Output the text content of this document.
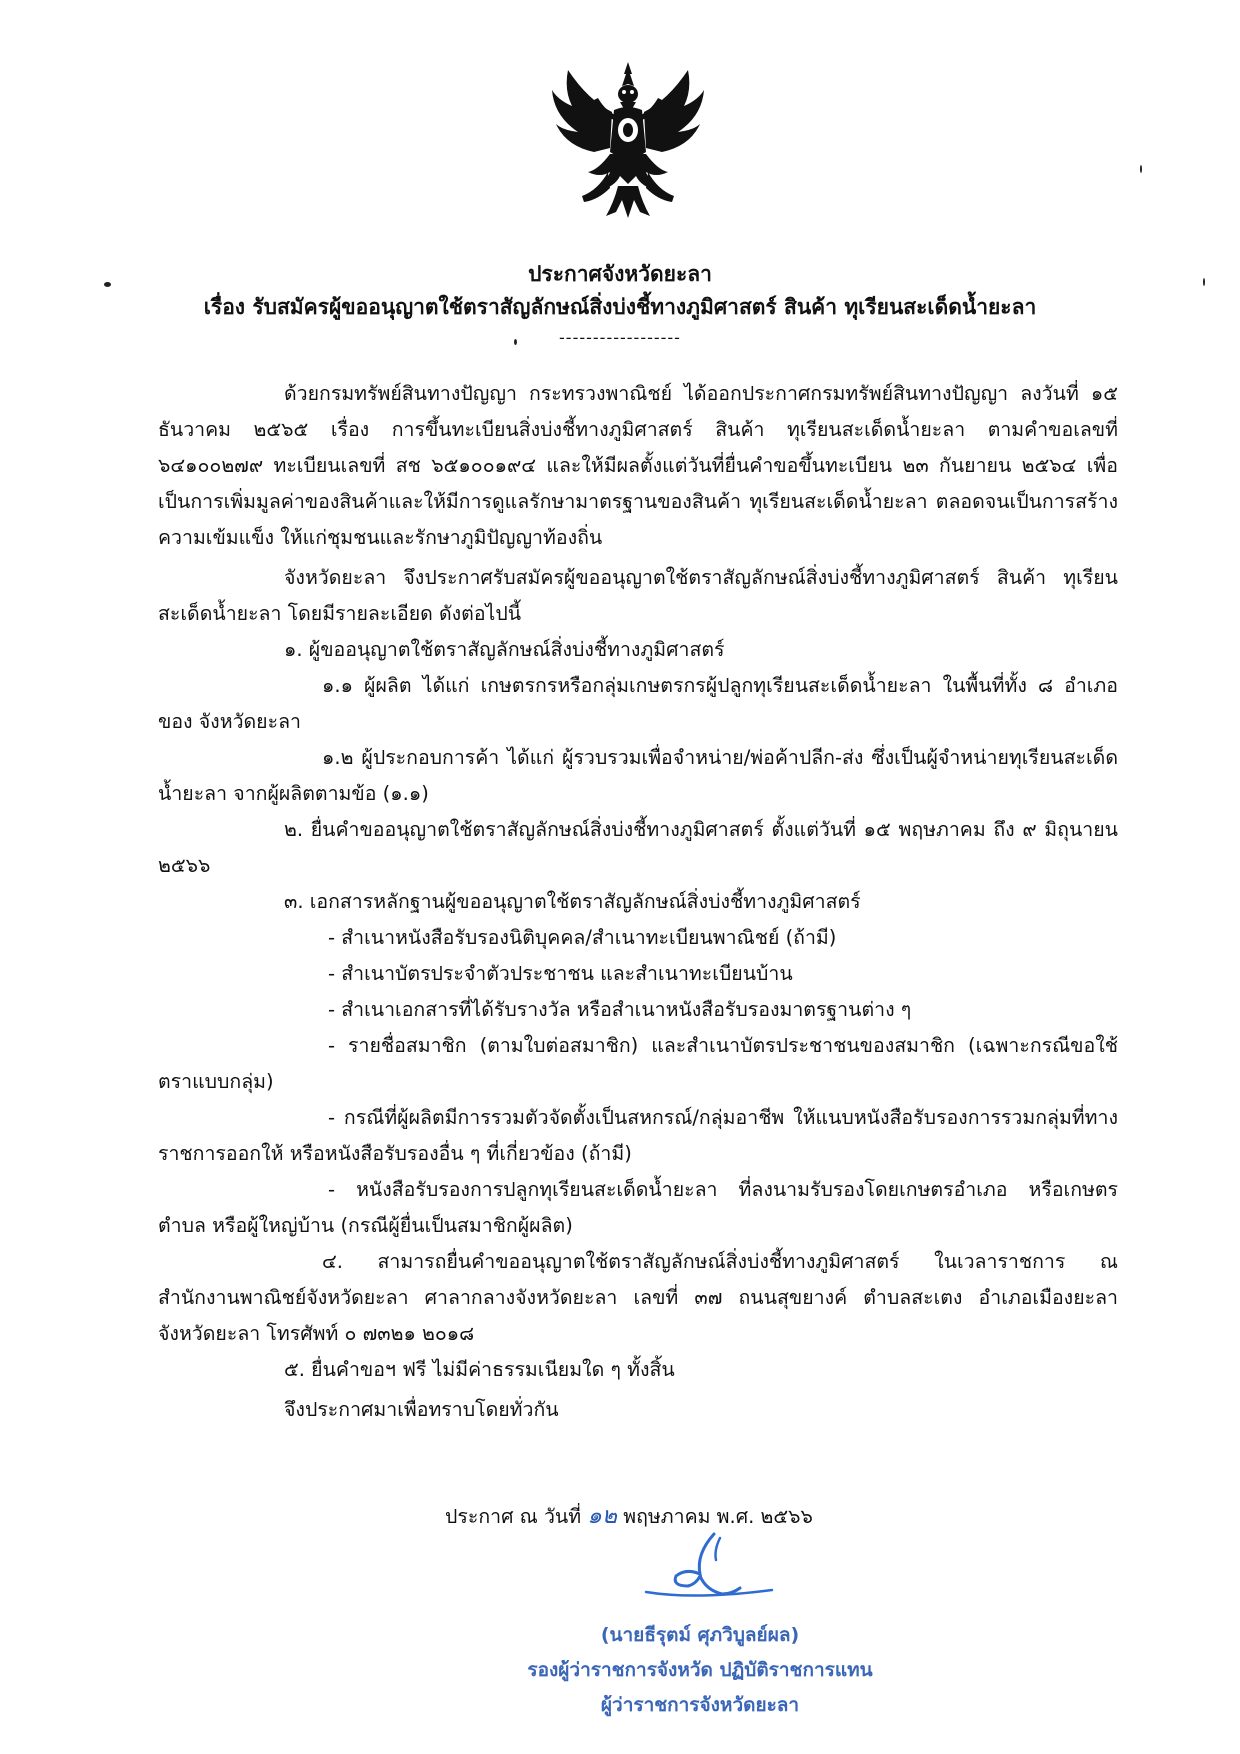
ประกาศจังหวัดยะลา
เรื่อง รับสมัครผู้ขออนุญาตใช้ตราสัญลักษณ์สิ่งบ่งชี้ทางภูมิศาสตร์ สินค้า ทุเรียนสะเด็ดน้ำยะลา
------------------

ด้วยกรมทรัพย์สินทางปัญญา กระทรวงพาณิชย์ ได้ออกประกาศกรมทรัพย์สินทางปัญญา ลงวันที่ ๑๕ ธันวาคม ๒๕๖๕ เรื่อง การขึ้นทะเบียนสิ่งบ่งชี้ทางภูมิศาสตร์ สินค้า ทุเรียนสะเด็ดน้ำยะลา ตามคำขอเลขที่ ๖๔๑๐๐๒๗๙ ทะเบียนเลขที่ สช ๖๕๑๐๐๑๙๔ และให้มีผลตั้งแต่วันที่ยื่นคำขอขึ้นทะเบียน ๒๓ กันยายน ๒๕๖๔ เพื่อเป็นการเพิ่มมูลค่าของสินค้าและให้มีการดูแลรักษามาตรฐานของสินค้า ทุเรียนสะเด็ดน้ำยะลา ตลอดจนเป็นการสร้างความเข้มแข็ง ให้แก่ชุมชนและรักษาภูมิปัญญาท้องถิ่น

จังหวัดยะลา จึงประกาศรับสมัครผู้ขออนุญาตใช้ตราสัญลักษณ์สิ่งบ่งชี้ทางภูมิศาสตร์ สินค้า ทุเรียนสะเด็ดน้ำยะลา โดยมีรายละเอียด ดังต่อไปนี้

๑. ผู้ขออนุญาตใช้ตราสัญลักษณ์สิ่งบ่งชี้ทางภูมิศาสตร์

๑.๑ ผู้ผลิต ได้แก่ เกษตรกรหรือกลุ่มเกษตรกรผู้ปลูกทุเรียนสะเด็ดน้ำยะลา ในพื้นที่ทั้ง ๘ อำเภอของ จังหวัดยะลา

๑.๒ ผู้ประกอบการค้า ได้แก่ ผู้รวบรวมเพื่อจำหน่าย/พ่อค้าปลีก-ส่ง ซึ่งเป็นผู้จำหน่ายทุเรียนสะเด็ดน้ำยะลา จากผู้ผลิตตามข้อ (๑.๑)

๒. ยื่นคำขออนุญาตใช้ตราสัญลักษณ์สิ่งบ่งชี้ทางภูมิศาสตร์ ตั้งแต่วันที่ ๑๕ พฤษภาคม ถึง ๙ มิถุนายน ๒๕๖๖

๓. เอกสารหลักฐานผู้ขออนุญาตใช้ตราสัญลักษณ์สิ่งบ่งชี้ทางภูมิศาสตร์

- สำเนาหนังสือรับรองนิติบุคคล/สำเนาทะเบียนพาณิชย์ (ถ้ามี)

- สำเนาบัตรประจำตัวประชาชน และสำเนาทะเบียนบ้าน

- สำเนาเอกสารที่ได้รับรางวัล หรือสำเนาหนังสือรับรองมาตรฐานต่าง ๆ

- รายชื่อสมาชิก (ตามใบต่อสมาชิก) และสำเนาบัตรประชาชนของสมาชิก (เฉพาะกรณีขอใช้ตราแบบกลุ่ม)

- กรณีที่ผู้ผลิตมีการรวมตัวจัดตั้งเป็นสหกรณ์/กลุ่มอาชีพ ให้แนบหนังสือรับรองการรวมกลุ่มที่ทางราชการออกให้ หรือหนังสือรับรองอื่น ๆ ที่เกี่ยวข้อง (ถ้ามี)

- หนังสือรับรองการปลูกทุเรียนสะเด็ดน้ำยะลา ที่ลงนามรับรองโดยเกษตรอำเภอ หรือเกษตรตำบล หรือผู้ใหญ่บ้าน (กรณีผู้ยื่นเป็นสมาชิกผู้ผลิต)

๔. สามารถยื่นคำขออนุญาตใช้ตราสัญลักษณ์สิ่งบ่งชี้ทางภูมิศาสตร์ ในเวลาราชการ ณ สำนักงานพาณิชย์จังหวัดยะลา ศาลากลางจังหวัดยะลา เลขที่ ๓๗ ถนนสุขยางค์ ตำบลสะเตง อำเภอเมืองยะลา จังหวัดยะลา โทรศัพท์ ๐ ๗๓๒๑ ๒๐๑๘

๕. ยื่นคำขอฯ ฟรี ไม่มีค่าธรรมเนียมใด ๆ ทั้งสิ้น

จึงประกาศมาเพื่อทราบโดยทั่วกัน

ประกาศ ณ วันที่ ๑๒ พฤษภาคม พ.ศ. ๒๕๖๖
(นายธีรุตม์ ศุภวิบูลย์ผล)
รองผู้ว่าราชการจังหวัด ปฏิบัติราชการแทน
ผู้ว่าราชการจังหวัดยะลา
